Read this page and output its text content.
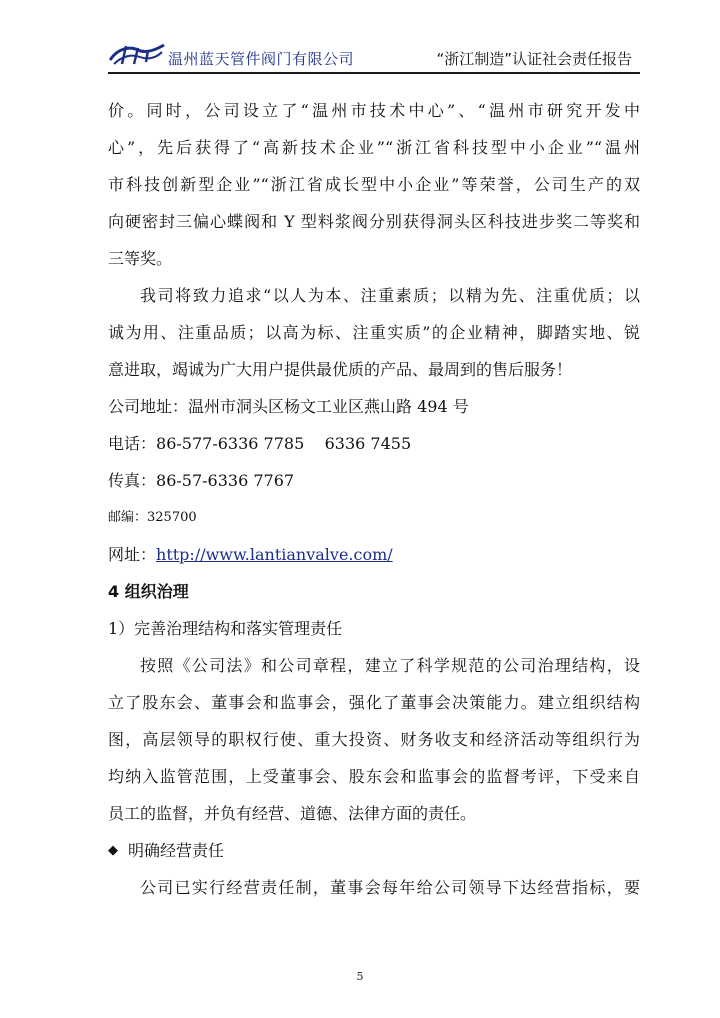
飞龙 温州蓝天管件阀门有限公司	“浙江制造”认证社会责任报告
价。同时，公司设立了“温州市技术中心”、“温州市研究开发中
心”，先后获得了“高新技术企业”“浙江省科技型中小企业”“温州
市科技创新型企业”“浙江省成长型中小企业”等荣誉，公司生产的双
向硬密封三偏心蝶阀和 Y 型料浆阀分别获得洞头区科技进步奖二等奖和
三等奖。
我司将致力追求“以人为本、注重素质；以精为先、注重优质；以
诚为用、注重品质；以高为标、注重实质”的企业精神，脚踏实地、锐
意进取，竭诚为广大用户提供最优质的产品、最周到的售后服务！
公司地址：温州市洞头区杨文工业区燕山路 494 号
电话：86-577-6336 7785    6336 7455
传真：86-57-6336 7767
邮编：325700
网址：http://www.lantianvalve.com/
4 组织治理
1）完善治理结构和落实管理责任
按照《公司法》和公司章程，建立了科学规范的公司治理结构，设
立了股东会、董事会和监事会，强化了董事会决策能力。建立组织结构
图，高层领导的职权行使、重大投资、财务收支和经济活动等组织行为
均纳入监管范围，上受董事会、股东会和监事会的监督考评，下受来自
员工的监督，并负有经营、道德、法律方面的责任。
◆ 明确经营责任
公司已实行经营责任制，董事会每年给公司领导下达经营指标，要
5
